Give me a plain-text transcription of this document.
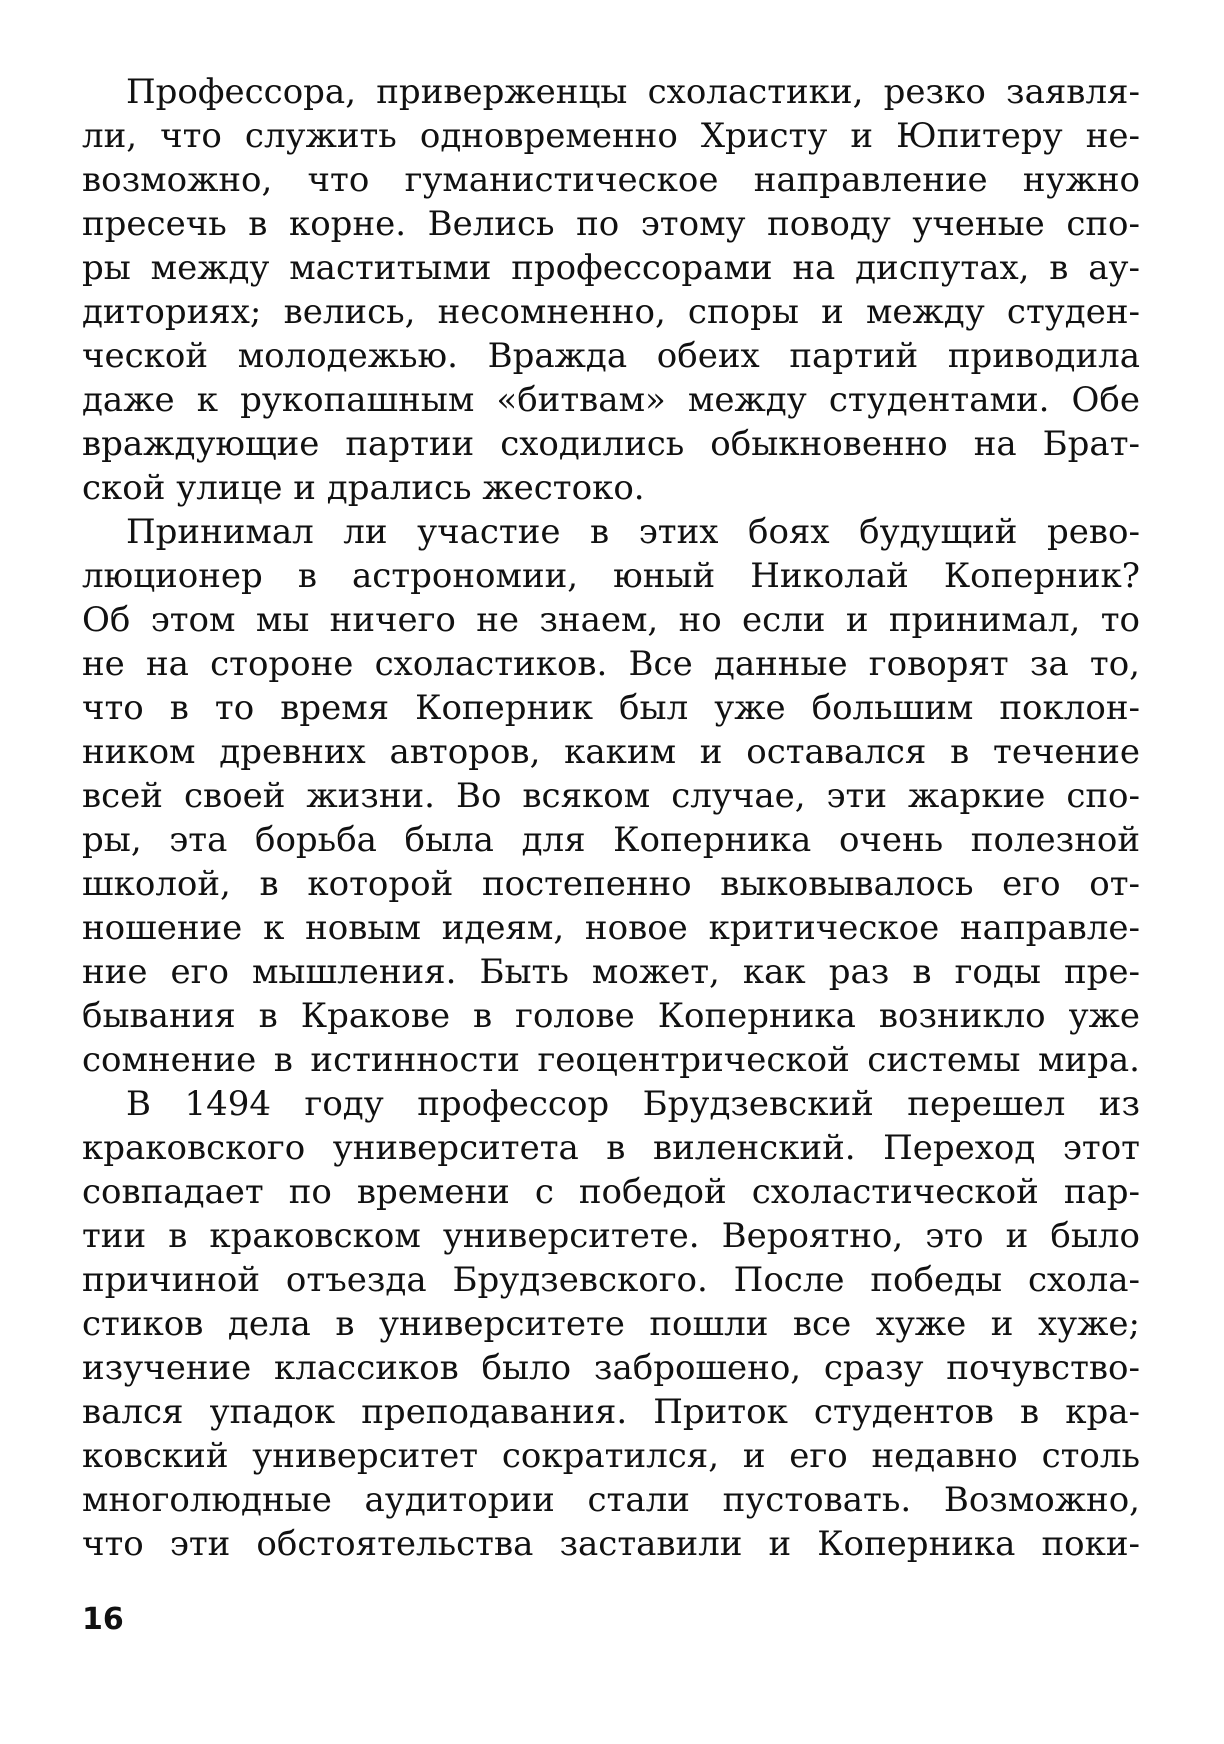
Профессора, приверженцы схоластики, резко заявля-
ли, что служить одновременно Христу и Юпитеру не-
возможно, что гуманистическое направление нужно
пресечь в корне. Велись по этому поводу ученые спо-
ры между маститыми профессорами на диспутах, в ау-
диториях; велись, несомненно, споры и между студен-
ческой молодежью. Вражда обеих партий приводила
даже к рукопашным «битвам» между студентами. Обе
враждующие партии сходились обыкновенно на Брат-
ской улице и дрались жестоко.
Принимал ли участие в этих боях будущий рево-
люционер в астрономии, юный Николай Коперник?
Об этом мы ничего не знаем, но если и принимал, то
не на стороне схоластиков. Все данные говорят за то,
что в то время Коперник был уже большим поклон-
ником древних авторов, каким и оставался в течение
всей своей жизни. Во всяком случае, эти жаркие спо-
ры, эта борьба была для Коперника очень полезной
школой, в которой постепенно выковывалось его от-
ношение к новым идеям, новое критическое направле-
ние его мышления. Быть может, как раз в годы пре-
бывания в Кракове в голове Коперника возникло уже
сомнение в истинности геоцентрической системы мира.
В 1494 году профессор Брудзевский перешел из
краковского университета в виленский. Переход этот
совпадает по времени с победой схоластической пар-
тии в краковском университете. Вероятно, это и было
причиной отъезда Брудзевского. После победы схола-
стиков дела в университете пошли все хуже и хуже;
изучение классиков было заброшено, сразу почувство-
вался упадок преподавания. Приток студентов в кра-
ковский университет сократился, и его недавно столь
многолюдные аудитории стали пустовать. Возможно,
что эти обстоятельства заставили и Коперника поки-
16
